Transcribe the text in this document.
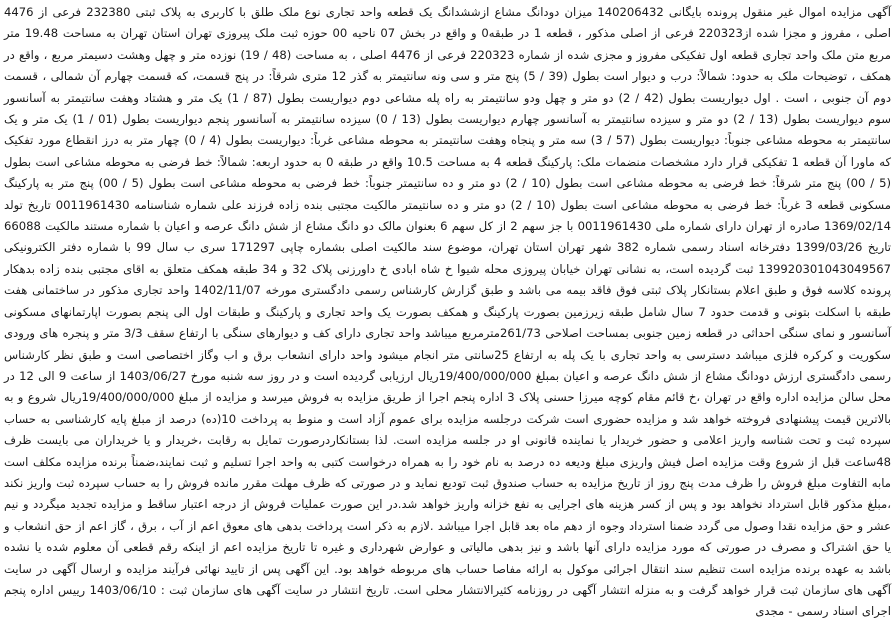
آگهی مزایده اموال غیر منقول پرونده بایگانی 140206432 میزان دودانگ مشاع ازششدانگ یک قطعه واحد تجاری نوع ملک طلق با کاربری به پلاک ثبتی 232380 فرعی از 4476 اصلی ، مفروز و مجزا شده از220323 فرعی از اصلی مذکور ، قطعه 1 در طبقه0 و واقع در بخش 07 ناحیه 00 حوزه ثبت ملک پیروزی تهران استان تهران به مساحت 19.48 متر مربع متن ملک واحد تجاری قطعه اول تفکیکی مفروز و مجزی شده از شماره 220323 فرعی از 4476 اصلی ، به مساحت (48 / 19) نوزده متر و چهل وهشت دسیمتر مربع ، واقع در همکف ، توضیحات ملک به حدود: شمالاً: درب و دیوار است بطول (39 / 5) پنج متر و سی ونه سانتیمتر به گذر 12 متری شرقاً: در پنج قسمت، که قسمت چهارم آن شمالی ، قسمت دوم آن جنوبی ، است . اول دیواریست بطول (42 / 2) دو متر و چهل ودو سانتیمتر به راه پله مشاعی دوم دیواریست بطول (87 / 1) یک متر و هشتاد وهفت سانتیمتر به آسانسور سوم دیواریست بطول (13 / 2) دو متر و سیزده سانتیمتر به آسانسور چهارم دیواریست بطول (13 / 0) سیزده سانتیمتر به آسانسور پنجم دیواریست بطول (01 / 1) یک متر و یک سانتیمتر به محوطه مشاعی جنوباً: دیواریست بطول (57 / 3) سه متر و پنجاه وهفت سانتیمتر به محوطه مشاعی غرباً: دیواریست بطول (4 / 0) چهار متر به درز انقطاع مورد تفکیک که ماورا آن قطعه 1 تفکیکی قرار دارد مشخصات منضمات ملک: پارکینگ قطعه 4 به مساحت 10.5 واقع در طبقه 0 به حدود اربعه: شمالاً: خط فرضی به محوطه مشاعی است بطول (5 / 00) پنج متر شرقاً: خط فرضی به محوطه مشاعی است بطول (10 / 2) دو متر و ده سانتیمتر جنوباً: خط فرضی به محوطه مشاعی است بطول (5 / 00) پنج متر به پارکینگ مسکونی قطعه 3 غرباً: خط فرضی به محوطه مشاعی است بطول (10 / 2) دو متر و ده سانتیمتر مالکیت مجتبی بنده زاده فرزند علی شماره شناسنامه 0011961430 تاریخ تولد 1369/02/14 صادره از تهران دارای شماره ملی 0011961430 با جز سهم 2 از کل سهم 6 بعنوان مالک دو دانگ مشاع از شش دانگ عرصه و اعیان با شماره مستند مالکیت 66088 تاریخ 1399/03/26 دفترخانه اسناد رسمی شماره 382 شهر تهران استان تهران، موضوع سند مالکیت اصلی بشماره چاپی 171297 سری ب سال 99 با شماره دفتر الکترونیکی 139920301043049567 ثبت گردیده است، به نشانی تهران خیابان پیروزی محله شیوا خ شاه ابادی خ داورزنی پلاک 32 و 34 طبقه همکف متعلق به اقای مجتبی بنده زاده بدهکار پرونده کلاسه فوق و طبق اعلام بستانکار پلاک ثبتی فوق فاقد بیمه می باشد و طبق گزارش کارشناس رسمی دادگستری مورخه 1402/11/07 واحد تجاری مذکور در ساختمانی هفت طبقه با اسکلت بتونی و قدمت حدود 7 سال شامل طبقه زیرزمین بصورت پارکینگ و همکف بصورت یک واحد تجاری و پارکینگ و طبقات اول الی پنجم بصورت اپارتمانهای مسکونی آسانسور و نمای سنگی احداثی در قطعه زمین جنوبی بمساحت اصلاحی 261/73مترمربع میباشد واحد تجاری دارای کف و دیوارهای سنگی با ارتفاع سقف 3/3 متر و پنجره های ورودی سکوریت و کرکره فلزی میباشد دسترسی به واحد تجاری با یک پله به ارتفاع 25سانتی متر انجام میشود واحد دارای انشعاب برق و اب وگاز اختصاصی است و طبق نظر کارشناس رسمی دادگستری ارزش دودانگ مشاع از شش دانگ عرصه و اعیان بمبلغ 19/400/000/000ریال ارزیابی گردیده است و در روز سه شنبه مورخ 1403/06/27 از ساعت 9 الی 12 در محل سالن مزایده اداره واقع در تهران ،خ قائم مقام کوچه میرزا حسنی پلاک 3 اداره پنجم اجرا از طریق مزایده به فروش میرسد و مزایده از مبلغ 19/400/000/000ریال شروع و به بالاترین قیمت پیشنهادی فروخته خواهد شد و مزایده حضوری است شرکت درجلسه مزایده برای عموم آزاد است و منوط به پرداخت 10(ده) درصد از مبلغ پایه کارشناسی به حساب سپرده ثبت و تحت شناسه واریز اعلامی و حضور خریدار یا نماینده قانونی او در جلسه مزایده است. لذا بستانکاردرصورت تمایل به رقابت ،خریدار و یا خریداران می بایست ظرف 48ساعت قبل از شروع وقت مزایده اصل فیش واریزی مبلغ ودیعه ده درصد به نام خود را به همراه درخواست کتبی به واحد اجرا تسلیم و ثبت نمایند،ضمناً برنده مزایده مکلف است مابه التفاوت مبلغ فروش را ظرف مدت پنج روز از تاریخ مزایده به حساب صندوق ثبت تودیع نماید و در صورتی که ظرف مهلت مقرر مانده فروش را به حساب سپرده ثبت واریز نکند ،مبلغ مذکور قابل استرداد نخواهد بود و پس از کسر هزینه های اجرایی به نفع خزانه واریز خواهد شد.در این صورت عملیات فروش از درجه اعتبار ساقط و مزایده تجدید میگردد و نیم عشر و حق مزایده نقدا وصول می گردد ضمنا استرداد وجوه از دهم ماه بعد قابل اجرا میباشد .لازم به ذکر است پرداخت بدهی های معوق اعم از آب ، برق ، گاز اعم از حق انشعاب و یا حق اشتراک و مصرف در صورتی که مورد مزایده دارای آنها باشد و نیز بدهی مالیاتی و عوارض شهرداری و غیره تا تاریخ مزایده اعم از اینکه رقم قطعی آن معلوم شده یا نشده باشد به عهده برنده مزایده است تنظیم سند انتقال اجرائی موکول به ارائه مفاصا حساب های مربوطه خواهد بود. این آگهی پس از تایید نهائی فرآیند مزایده و ارسال آگهی در سایت آگهی های سازمان ثبت قرار خواهد گرفت و به منزله انتشار آگهی در روزنامه کثیرالانتشار محلی است. تاریخ انتشار در سایت آگهی های سازمان ثبت : 1403/06/10 رییس اداره پنجم اجرای اسناد رسمی - مجدی
